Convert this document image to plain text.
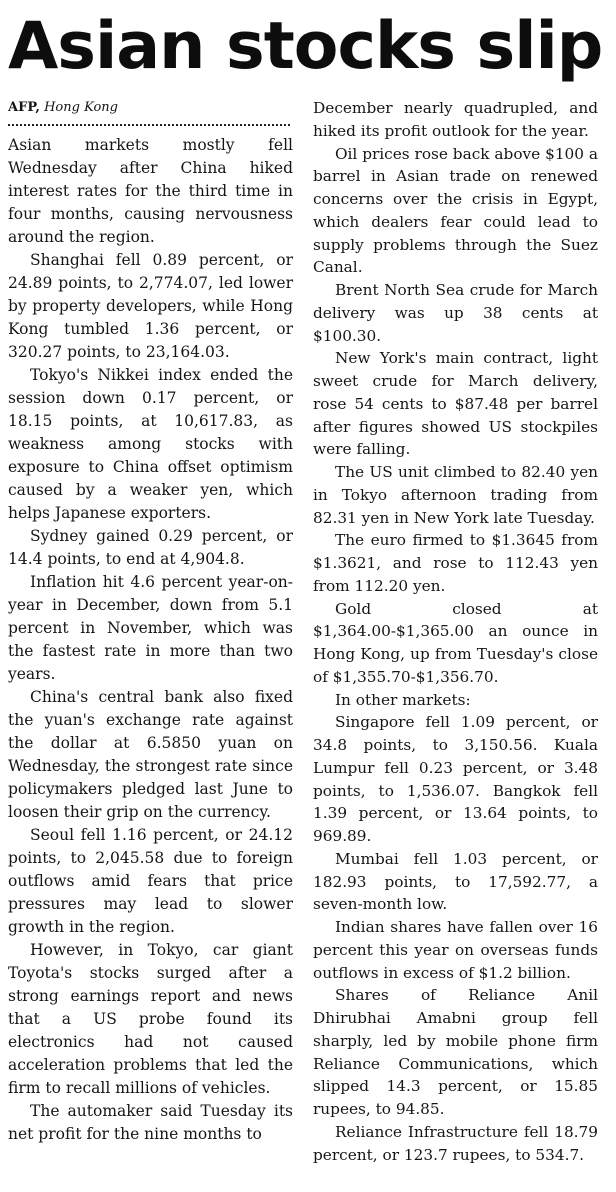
Asian stocks slip
AFP, Hong Kong

Asian markets mostly fell Wednesday after China hiked interest rates for the third time in four months, causing nervousness around the region.

Shanghai fell 0.89 percent, or 24.89 points, to 2,774.07, led lower by property developers, while Hong Kong tumbled 1.36 percent, or 320.27 points, to 23,164.03.

Tokyo's Nikkei index ended the session down 0.17 percent, or 18.15 points, at 10,617.83, as weakness among stocks with exposure to China offset optimism caused by a weaker yen, which helps Japanese exporters.

Sydney gained 0.29 percent, or 14.4 points, to end at 4,904.8.

Inflation hit 4.6 percent year-on-year in December, down from 5.1 percent in November, which was the fastest rate in more than two years.

China's central bank also fixed the yuan's exchange rate against the dollar at 6.5850 yuan on Wednesday, the strongest rate since policymakers pledged last June to loosen their grip on the currency.

Seoul fell 1.16 percent, or 24.12 points, to 2,045.58 due to foreign outflows amid fears that price pressures may lead to slower growth in the region.

However, in Tokyo, car giant Toyota's stocks surged after a strong earnings report and news that a US probe found its electronics had not caused acceleration problems that led the firm to recall millions of vehicles.

The automaker said Tuesday its net profit for the nine months to

December nearly quadrupled, and hiked its profit outlook for the year.

Oil prices rose back above $100 a barrel in Asian trade on renewed concerns over the crisis in Egypt, which dealers fear could lead to supply problems through the Suez Canal.

Brent North Sea crude for March delivery was up 38 cents at $100.30.

New York's main contract, light sweet crude for March delivery, rose 54 cents to $87.48 per barrel after figures showed US stockpiles were falling.

The US unit climbed to 82.40 yen in Tokyo afternoon trading from 82.31 yen in New York late Tuesday.

The euro firmed to $1.3645 from $1.3621, and rose to 112.43 yen from 112.20 yen.

Gold closed at $1,364.00-$1,365.00 an ounce in Hong Kong, up from Tuesday's close of $1,355.70-$1,356.70.

In other markets:

Singapore fell 1.09 percent, or 34.8 points, to 3,150.56. Kuala Lumpur fell 0.23 percent, or 3.48 points, to 1,536.07. Bangkok fell 1.39 percent, or 13.64 points, to 969.89.

Mumbai fell 1.03 percent, or 182.93 points, to 17,592.77, a seven-month low.

Indian shares have fallen over 16 percent this year on overseas funds outflows in excess of $1.2 billion.

Shares of Reliance Anil Dhirubhai Amabni group fell sharply, led by mobile phone firm Reliance Communications, which slipped 14.3 percent, or 15.85 rupees, to 94.85.

Reliance Infrastructure fell 18.79 percent, or 123.7 rupees, to 534.7.
